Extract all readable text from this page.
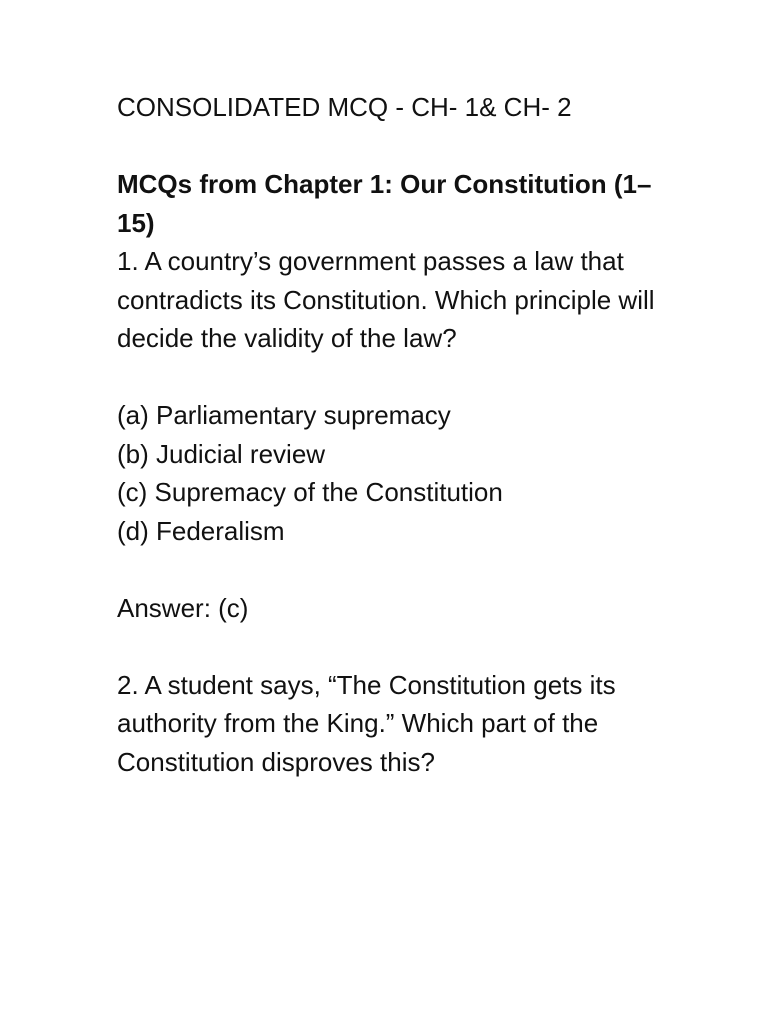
CONSOLIDATED MCQ - CH- 1& CH- 2
MCQs from Chapter 1: Our Constitution (1–15)

1. A country’s government passes a law that contradicts its Constitution. Which principle will decide the validity of the law?

(a) Parliamentary supremacy
(b) Judicial review
(c) Supremacy of the Constitution
(d) Federalism

Answer: (c)

2. A student says, “The Constitution gets its authority from the King.” Which part of the Constitution disproves this?
